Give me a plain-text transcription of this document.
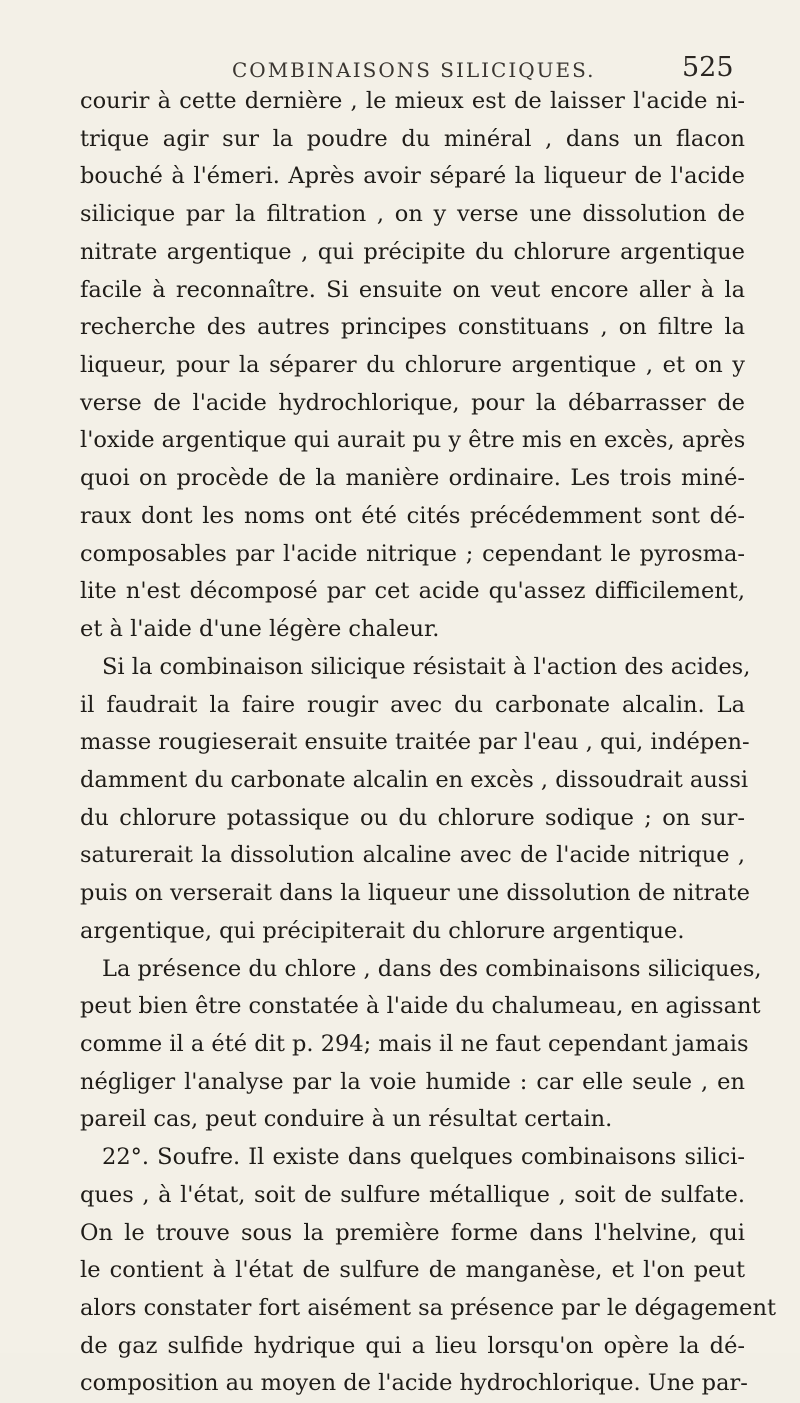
COMBINAISONS SILICIQUES.	525
courir à cette dernière , le mieux est de laisser l'acide ni-
trique agir sur la poudre du minéral , dans un flacon
bouché à l'émeri. Après avoir séparé la liqueur de l'acide
silicique par la filtration , on y verse une dissolution de
nitrate argentique , qui précipite du chlorure argentique
facile à reconnaître. Si ensuite on veut encore aller à la
recherche des autres principes constituans , on filtre la
liqueur, pour la séparer du chlorure argentique , et on y
verse de l'acide hydrochlorique, pour la débarrasser de
l'oxide argentique qui aurait pu y être mis en excès, après
quoi on procède de la manière ordinaire. Les trois miné-
raux dont les noms ont été cités précédemment sont dé-
composables par l'acide nitrique ; cependant le pyrosma-
lite n'est décomposé par cet acide qu'assez difficilement,
et à l'aide d'une légère chaleur.
Si la combinaison silicique résistait à l'action des acides,
il faudrait la faire rougir avec du carbonate alcalin. La
masse rougieserait ensuite traitée par l'eau , qui, indépen-
damment du carbonate alcalin en excès , dissoudrait aussi
du chlorure potassique ou du chlorure sodique ; on sur-
saturerait la dissolution alcaline avec de l'acide nitrique ,
puis on verserait dans la liqueur une dissolution de nitrate
argentique, qui précipiterait du chlorure argentique.
La présence du chlore , dans des combinaisons siliciques,
peut bien être constatée à l'aide du chalumeau, en agissant
comme il a été dit p. 294; mais il ne faut cependant jamais
négliger l'analyse par la voie humide : car elle seule , en
pareil cas, peut conduire à un résultat certain.
22°. Soufre. Il existe dans quelques combinaisons silici-
ques , à l'état, soit de sulfure métallique , soit de sulfate.
On le trouve sous la première forme dans l'helvine, qui
le contient à l'état de sulfure de manganèse, et l'on peut
alors constater fort aisément sa présence par le dégagement
de gaz sulfide hydrique qui a lieu lorsqu'on opère la dé-
composition au moyen de l'acide hydrochlorique. Une par-
